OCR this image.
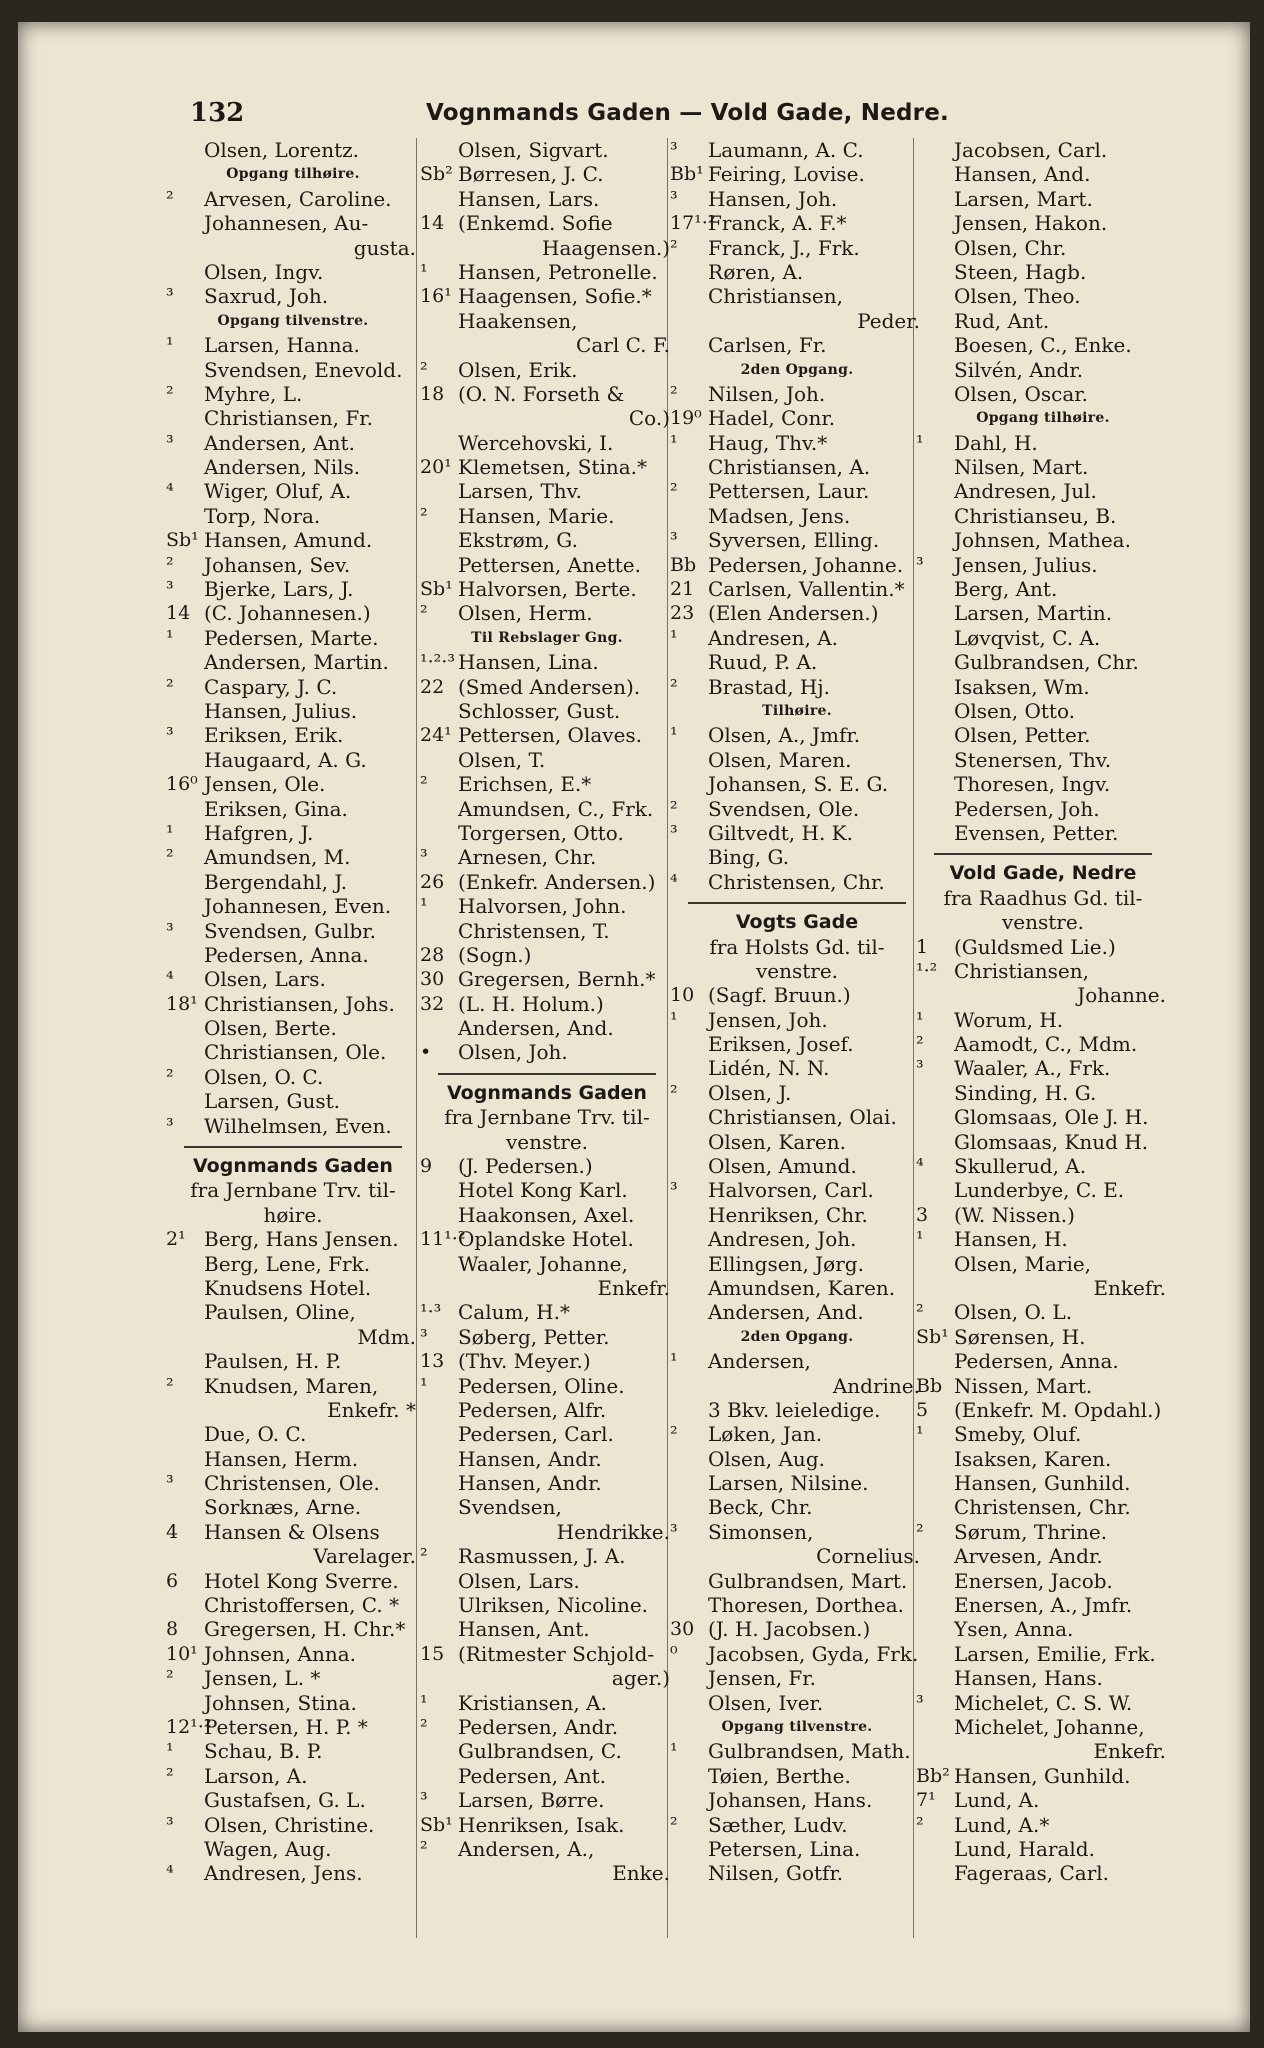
132	Vognmands Gaden — Vold Gade, Nedre.
Olsen, Lorentz.
Opgang tilhøire.
² Arvesen, Caroline.
Johannesen, Au-
gusta.
Olsen, Ingv.
³ Saxrud, Joh.
Opgang tilvenstre.
¹ Larsen, Hanna.
Svendsen, Enevold.
² Myhre, L.
Christiansen, Fr.
³ Andersen, Ant.
Andersen, Nils.
⁴ Wiger, Oluf, A.
Torp, Nora.
Sb¹ Hansen, Amund.
² Johansen, Sev.
³ Bjerke, Lars, J.
14 (C. Johannesen.)
¹ Pedersen, Marte.
Andersen, Martin.
² Caspary, J. C.
Hansen, Julius.
³ Eriksen, Erik.
Haugaard, A. G.
16⁰ Jensen, Ole.
Eriksen, Gina.
¹ Hafgren, J.
² Amundsen, M.
Bergendahl, J.
Johannesen, Even.
³ Svendsen, Gulbr.
Pedersen, Anna.
⁴ Olsen, Lars.
18¹ Christiansen, Johs.
Olsen, Berte.
Christiansen, Ole.
² Olsen, O. C.
Larsen, Gust.
³ Wilhelmsen, Even.
Vognmands Gaden
fra Jernbane Trv. til-
høire.
2¹ Berg, Hans Jensen.
Berg, Lene, Frk.
Knudsens Hotel.
Paulsen, Oline,
Mdm.
Paulsen, H. P.
² Knudsen, Maren,
Enkefr. *
Due, O. C.
Hansen, Herm.
³ Christensen, Ole.
Sorknæs, Arne.
4 Hansen & Olsens
Varelager.
6 Hotel Kong Sverre.
Christoffersen, C. *
8 Gregersen, H. Chr.*
10¹ Johnsen, Anna.
² Jensen, L. *
Johnsen, Stina.
12¹·²
Petersen, H. P. *
¹ Schau, B. P.
² Larson, A.
Gustafsen, G. L.
³ Olsen, Christine.
Wagen, Aug.
⁴ Andresen, Jens.
Olsen, Sigvart.
Sb² Børresen, J. C.
Hansen, Lars.
14 (Enkemd. Sofie
Haagensen.)
¹ Hansen, Petronelle.
16¹ Haagensen, Sofie.*
Haakensen,
Carl C. F.
² Olsen, Erik.
18 (O. N. Forseth &
Co.)
Wercehovski, I.
20¹ Klemetsen, Stina.*
Larsen, Thv.
² Hansen, Marie.
Ekstrøm, G.
Pettersen, Anette.
Sb¹ Halvorsen, Berte.
² Olsen, Herm.
Til Rebslager Gng.
¹·²·³ Hansen, Lina.
22 (Smed Andersen).
Schlosser, Gust.
24¹ Pettersen, Olaves.
Olsen, T.
² Erichsen, E.*
Amundsen, C., Frk.
Torgersen, Otto.
³ Arnesen, Chr.
26 (Enkefr. Andersen.)
¹ Halvorsen, John.
Christensen, T.
28 (Sogn.)
30 Gregersen, Bernh.*
32 (L. H. Holum.)
Andersen, And.
• Olsen, Joh.
Vognmands Gaden
fra Jernbane Trv. til-
venstre.
9 (J. Pedersen.)
Hotel Kong Karl.
Haakonsen, Axel.
11¹·²
Oplandske Hotel.
Waaler, Johanne,
Enkefr.
¹·³ Calum, H.*
³ Søberg, Petter.
13 (Thv. Meyer.)
¹ Pedersen, Oline.
Pedersen, Alfr.
Pedersen, Carl.
Hansen, Andr.
Hansen, Andr.
Svendsen,
Hendrikke.
² Rasmussen, J. A.
Olsen, Lars.
Ulriksen, Nicoline.
Hansen, Ant.
15 (Ritmester Schjold-
ager.)
¹ Kristiansen, A.
² Pedersen, Andr.
Gulbrandsen, C.
Pedersen, Ant.
³ Larsen, Børre.
Sb¹ Henriksen, Isak.
² Andersen, A.,
Enke.
³ Laumann, A. C.
Bb¹ Feiring, Lovise.
³ Hansen, Joh.
17¹·²
Franck, A. F.*
² Franck, J., Frk.
Røren, A.
Christiansen,
Peder.
Carlsen, Fr.
2den Opgang.
² Nilsen, Joh.
19⁰ Hadel, Conr.
¹ Haug, Thv.*
Christiansen, A.
² Pettersen, Laur.
Madsen, Jens.
³ Syversen, Elling.
Bb Pedersen, Johanne.
21 Carlsen, Vallentin.*
23 (Elen Andersen.)
¹ Andresen, A.
Ruud, P. A.
² Brastad, Hj.
Tilhøire.
¹ Olsen, A., Jmfr.
Olsen, Maren.
Johansen, S. E. G.
² Svendsen, Ole.
³ Giltvedt, H. K.
Bing, G.
⁴ Christensen, Chr.
Vogts Gade
fra Holsts Gd. til-
venstre.
10 (Sagf. Bruun.)
¹ Jensen, Joh.
Eriksen, Josef.
Lidén, N. N.
² Olsen, J.
Christiansen, Olai.
Olsen, Karen.
Olsen, Amund.
³ Halvorsen, Carl.
Henriksen, Chr.
Andresen, Joh.
Ellingsen, Jørg.
Amundsen, Karen.
Andersen, And.
2den Opgang.
¹ Andersen,
Andrine.
3 Bkv. leieledige.
² Løken, Jan.
Olsen, Aug.
Larsen, Nilsine.
Beck, Chr.
³ Simonsen,
Cornelius.
Gulbrandsen, Mart.
Thoresen, Dorthea.
30 (J. H. Jacobsen.)
⁰ Jacobsen, Gyda, Frk.
Jensen, Fr.
Olsen, Iver.
Opgang tilvenstre.
¹ Gulbrandsen, Math.
Tøien, Berthe.
Johansen, Hans.
² Sæther, Ludv.
Petersen, Lina.
Nilsen, Gotfr.
Jacobsen, Carl.
Hansen, And.
Larsen, Mart.
Jensen, Hakon.
Olsen, Chr.
Steen, Hagb.
Olsen, Theo.
Rud, Ant.
Boesen, C., Enke.
Silvén, Andr.
Olsen, Oscar.
Opgang tilhøire.
¹ Dahl, H.
Nilsen, Mart.
Andresen, Jul.
Christianseu, B.
Johnsen, Mathea.
³ Jensen, Julius.
Berg, Ant.
Larsen, Martin.
Løvqvist, C. A.
Gulbrandsen, Chr.
Isaksen, Wm.
Olsen, Otto.
Olsen, Petter.
Stenersen, Thv.
Thoresen, Ingv.
Pedersen, Joh.
Evensen, Petter.
Vold Gade, Nedre
fra Raadhus Gd. til-
venstre.
1 (Guldsmed Lie.)
¹·² Christiansen,
Johanne.
¹ Worum, H.
² Aamodt, C., Mdm.
³ Waaler, A., Frk.
Sinding, H. G.
Glomsaas, Ole J. H.
Glomsaas, Knud H.
⁴ Skullerud, A.
Lunderbye, C. E.
3 (W. Nissen.)
¹ Hansen, H.
Olsen, Marie,
Enkefr.
² Olsen, O. L.
Sb¹ Sørensen, H.
Pedersen, Anna.
Bb Nissen, Mart.
5 (Enkefr. M. Opdahl.)
¹ Smeby, Oluf.
Isaksen, Karen.
Hansen, Gunhild.
Christensen, Chr.
² Sørum, Thrine.
Arvesen, Andr.
Enersen, Jacob.
Enersen, A., Jmfr.
Ysen, Anna.
Larsen, Emilie, Frk.
Hansen, Hans.
³ Michelet, C. S. W.
Michelet, Johanne,
Enkefr.
Bb² Hansen, Gunhild.
7¹ Lund, A.
² Lund, A.*
Lund, Harald.
Fageraas, Carl.
